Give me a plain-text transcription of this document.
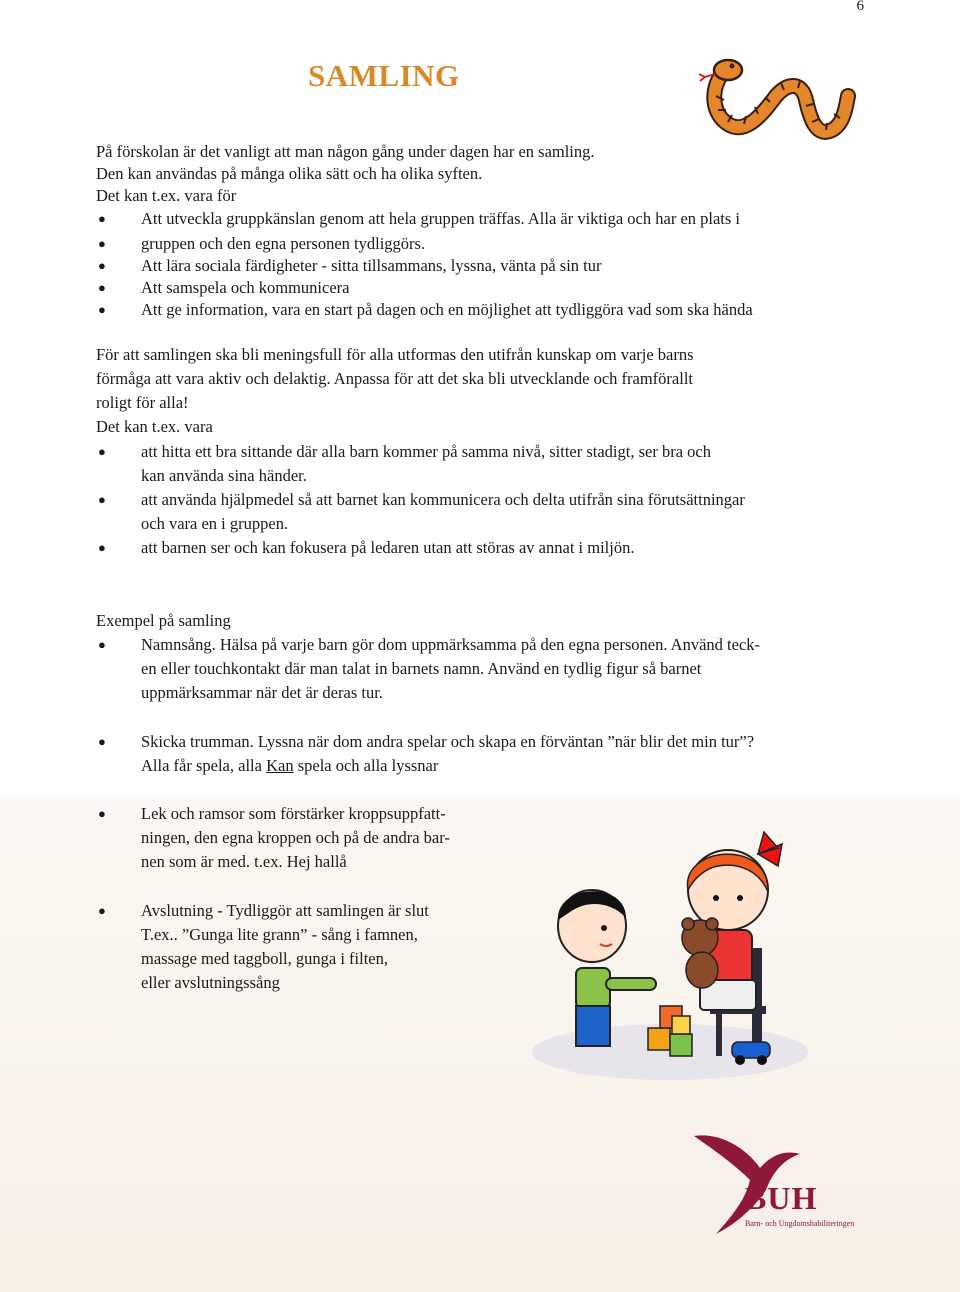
6
SAMLING
På förskolan är det vanligt att man någon gång under dagen har en samling.
Den kan användas på många olika sätt och ha olika syften.
Det kan t.ex. vara för
● Att utveckla gruppkänslan genom att hela gruppen träffas. Alla är viktiga och har en plats i
● gruppen och den egna personen tydliggörs.
● Att lära sociala färdigheter - sitta tillsammans, lyssna, vänta på sin tur
● Att samspela och kommunicera
● Att ge information, vara en start på dagen och en möjlighet att tydliggöra vad som ska hända
För att samlingen ska bli meningsfull för alla utformas den utifrån kunskap om varje barns
förmåga att vara aktiv och delaktig. Anpassa för att det ska bli utvecklande och framförallt
roligt för alla!
Det kan t.ex. vara
● att hitta ett bra sittande där alla barn kommer på samma nivå, sitter stadigt, ser bra och
kan använda sina händer.
● att använda hjälpmedel så att barnet kan kommunicera och delta utifrån sina förutsättningar
och vara en i gruppen.
● att barnen ser och kan fokusera på ledaren utan att störas av annat i miljön.
Exempel på samling
● Namnsång. Hälsa på varje barn gör dom uppmärksamma på den egna personen. Använd teck-
en eller touchkontakt där man talat in barnets namn. Använd en tydlig figur så barnet
uppmärksammar när det är deras tur.
● Skicka trumman. Lyssna när dom andra spelar och skapa en förväntan ”när blir det min tur”?
Alla får spela, alla Kan spela och alla lyssnar
● Lek och ramsor som förstärker kroppsuppfatt-
ningen, den egna kroppen och på de andra bar-
nen som är med. t.ex. Hej hallå
● Avslutning - Tydliggör att samlingen är slut
T.ex.. ”Gunga lite grann” - sång i famnen,
massage med taggboll, gunga i filten,
eller avslutningssång
BUH
Barn- och Ungdomshabiliteringen
